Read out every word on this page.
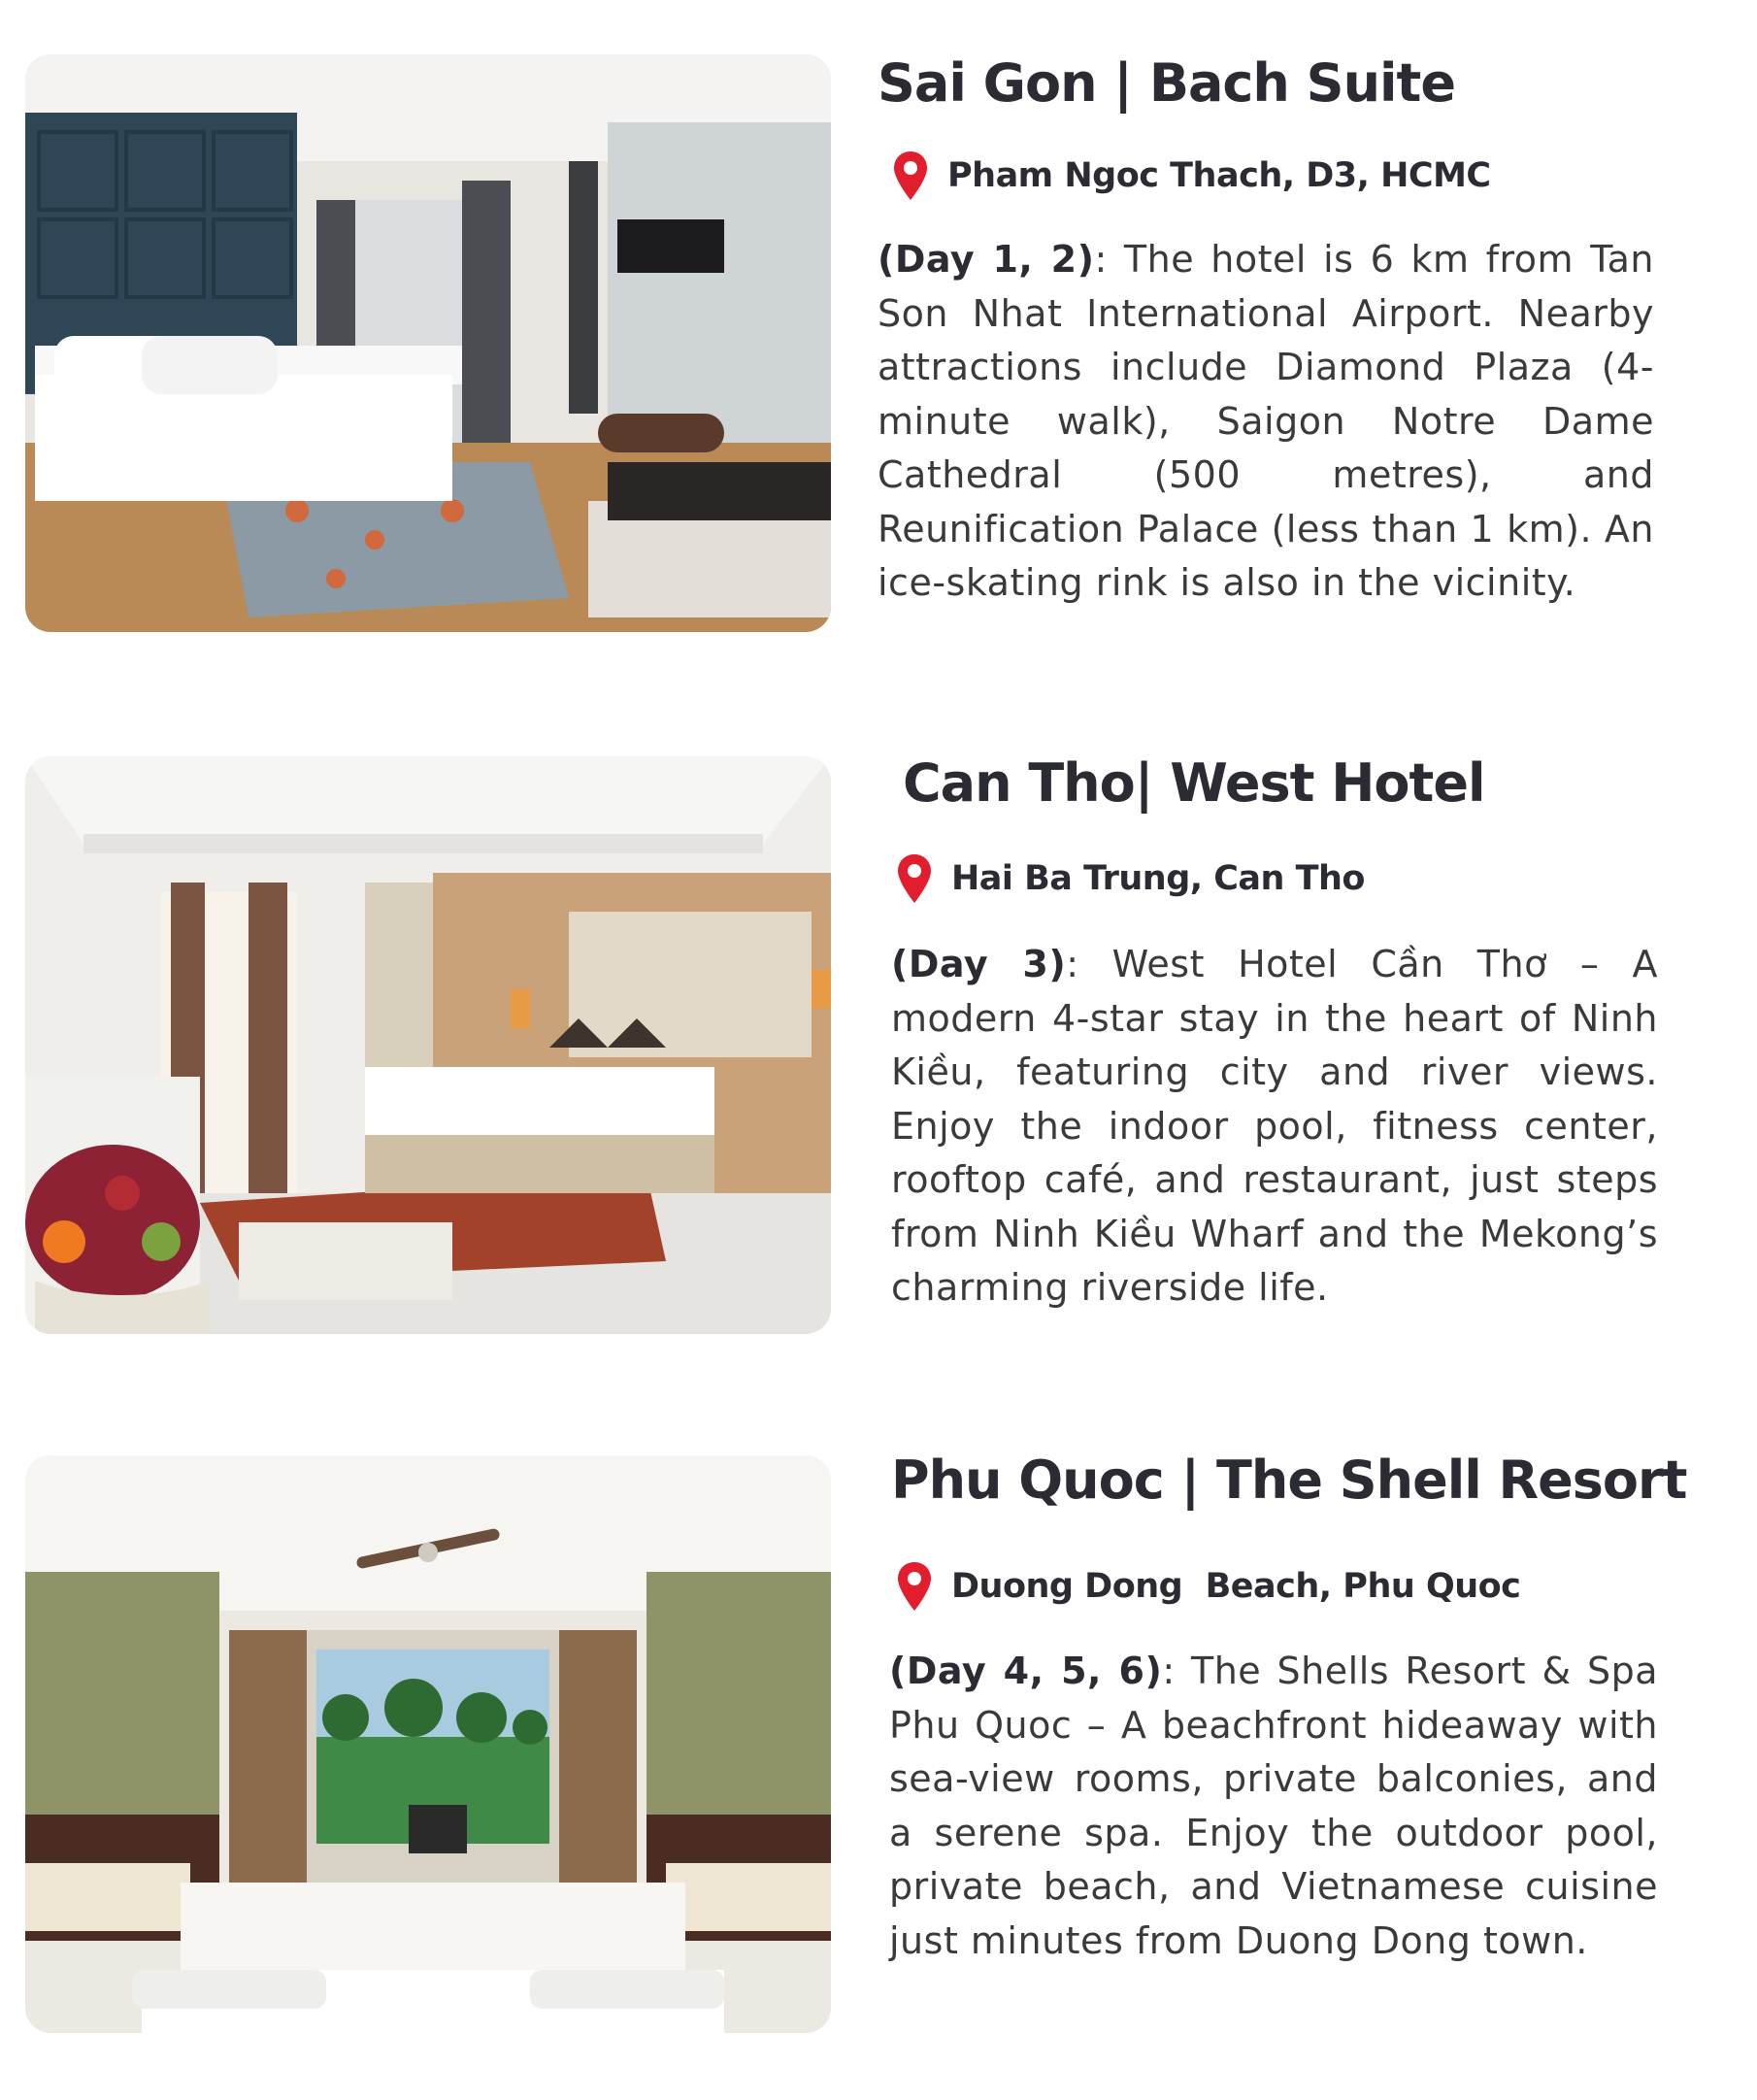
Sai Gon | Bach Suite
Pham Ngoc Thach, D3, HCMC

(Day 1, 2): The hotel is 6 km from Tan Son Nhat International Airport. Nearby attractions include Diamond Plaza (4-minute walk), Saigon Notre Dame Cathedral (500 metres), and Reunification Palace (less than 1 km). An ice-skating rink is also in the vicinity.

Can Tho| West Hotel
Hai Ba Trung, Can Tho

(Day 3): West Hotel Cần Thơ – A modern 4-star stay in the heart of Ninh Kiều, featuring city and river views. Enjoy the indoor pool, fitness center, rooftop café, and restaurant, just steps from Ninh Kiều Wharf and the Mekong’s charming riverside life.

Phu Quoc | The Shell Resort
Duong Dong  Beach, Phu Quoc

(Day 4, 5, 6): The Shells Resort & Spa Phu Quoc – A beachfront hideaway with sea-view rooms, private balconies, and a serene spa. Enjoy the outdoor pool, private beach, and Vietnamese cuisine just minutes from Duong Dong town.
